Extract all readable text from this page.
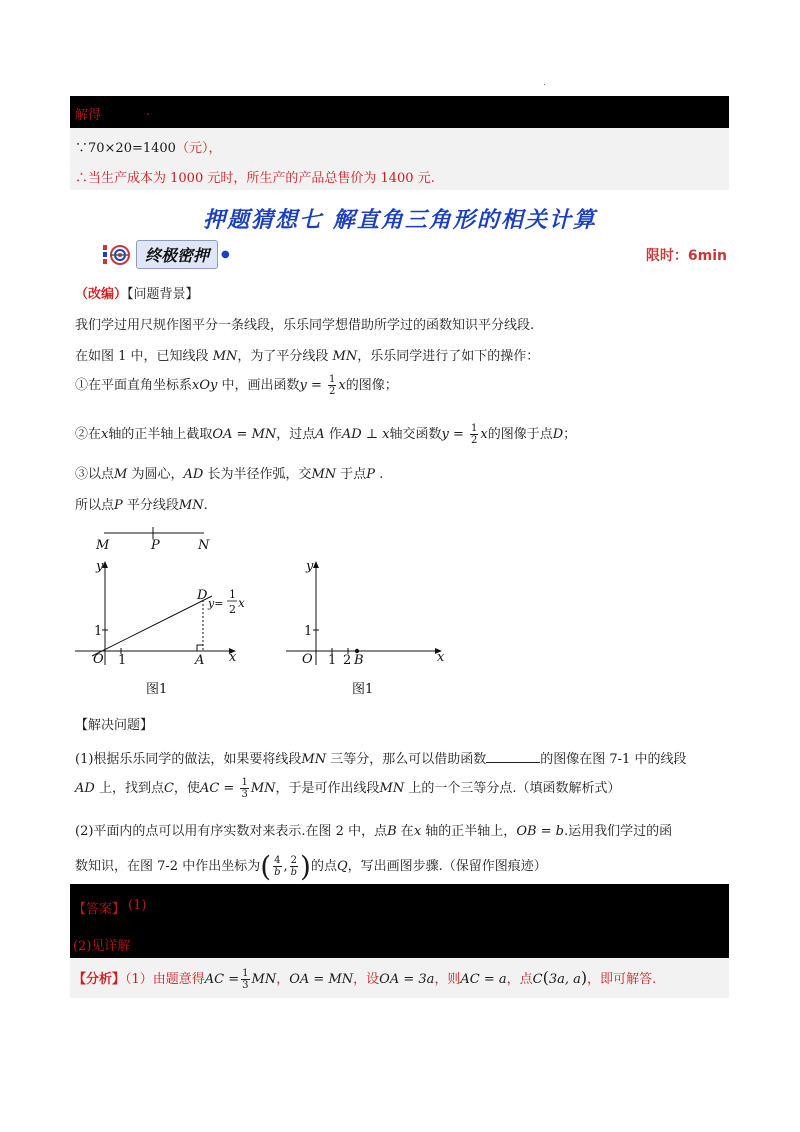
.
解得	.
∵70×20=1400（元），
∴当生产成本为 1000 元时，所生产的产品总售价为 1400 元.
押题猜想七 解直角三角形的相关计算
终极密押	●	限时：6min
（改编）【问题背景】
我们学过用尺规作图平分一条线段，乐乐同学想借助所学过的函数知识平分线段.
在如图 1 中，已知线段 MN，为了平分线段 MN，乐乐同学进行了如下的操作：
①在平面直角坐标系xOy 中，画出函数$y = \frac{1}{2}$ x的图像；
②在x轴的正半轴上截取OA = MN，过点A 作AD ⊥ x轴交函数$y = \frac{1}{2}$ x的图像于点D；
③以点M 为圆心，AD 长为半径作弧，交MN 于点P .
所以点P 平分线段MN.
M	P	N
y
1
O 1	A x
D
y=
1
2 x
图1
y
1
O 1 2 B	x
图1
【解决问题】
(1)根据乐乐同学的做法，如果要将线段MN 三等分，那么可以借助函数	的图像在图 7-1 中的线段
AD 上，找到点C，使AC = $\frac{1}{3}$ MN，于是可作出线段MN 上的一个三等分点.（填函数解析式）
(2)平面内的点可以用有序实数对来表示.在图 2 中，点B 在x 轴的正半轴上，OB = b.运用我们学过的函
数知识，在图 7-2 中作出坐标为( $\frac{4}{b}$ , $\frac{2}{b}$)的点Q，写出画图步骤.（保留作图痕迹）
【答案】 (1)
(2)见详解
【分析】（1）由题意得AC = $\frac{1}{3}$ MN，OA = MN，设OA = 3a，则AC = a，点C(3a, a)，即可解答.
